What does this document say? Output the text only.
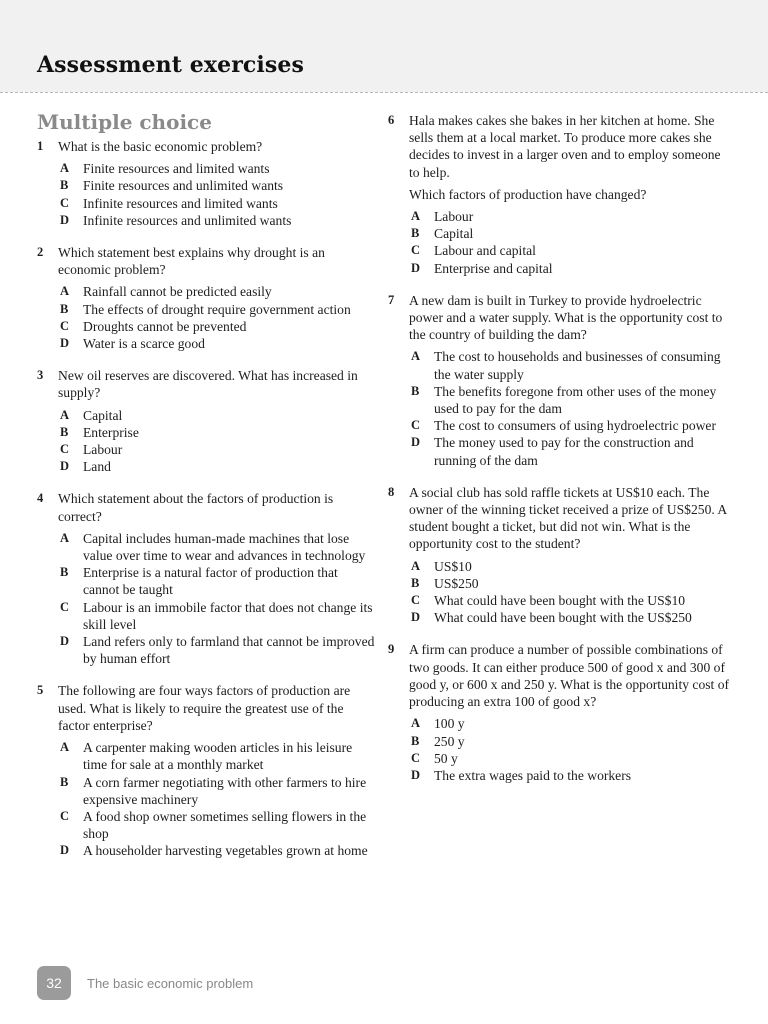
Assessment exercises
Multiple choice
1	What is the basic economic problem?

A Finite resources and limited wants
B Finite resources and unlimited wants
C Infinite resources and limited wants
D Infinite resources and unlimited wants
2	Which statement best explains why drought is an economic problem?

A Rainfall cannot be predicted easily
B The effects of drought require government action
C Droughts cannot be prevented
D Water is a scarce good
3	New oil reserves are discovered. What has increased in supply?

A Capital
B Enterprise
C Labour
D Land
4	Which statement about the factors of production is correct?

A Capital includes human-made machines that lose value over time to wear and advances in technology
B Enterprise is a natural factor of production that cannot be taught
C Labour is an immobile factor that does not change its skill level
D Land refers only to farmland that cannot be improved by human effort
5	The following are four ways factors of production are used. What is likely to require the greatest use of the factor enterprise?

A A carpenter making wooden articles in his leisure time for sale at a monthly market
B A corn farmer negotiating with other farmers to hire expensive machinery
C A food shop owner sometimes selling flowers in the shop
D A householder harvesting vegetables grown at home
6	Hala makes cakes she bakes in her kitchen at home. She sells them at a local market. To produce more cakes she decides to invest in a larger oven and to employ someone to help.

Which factors of production have changed?

A Labour
B Capital
C Labour and capital
D Enterprise and capital
7	A new dam is built in Turkey to provide hydroelectric power and a water supply. What is the opportunity cost to the country of building the dam?

A The cost to households and businesses of consuming the water supply
B The benefits foregone from other uses of the money used to pay for the dam
C The cost to consumers of using hydroelectric power
D The money used to pay for the construction and running of the dam
8	A social club has sold raffle tickets at US$10 each. The owner of the winning ticket received a prize of US$250. A student bought a ticket, but did not win. What is the opportunity cost to the student?

A US$10
B US$250
C What could have been bought with the US$10
D What could have been bought with the US$250
9	A firm can produce a number of possible combinations of two goods. It can either produce 500 of good x and 300 of good y, or 600 x and 250 y. What is the opportunity cost of producing an extra 100 of good x?

A 100 y
B 250 y
C 50 y
D The extra wages paid to the workers
32	The basic economic problem
